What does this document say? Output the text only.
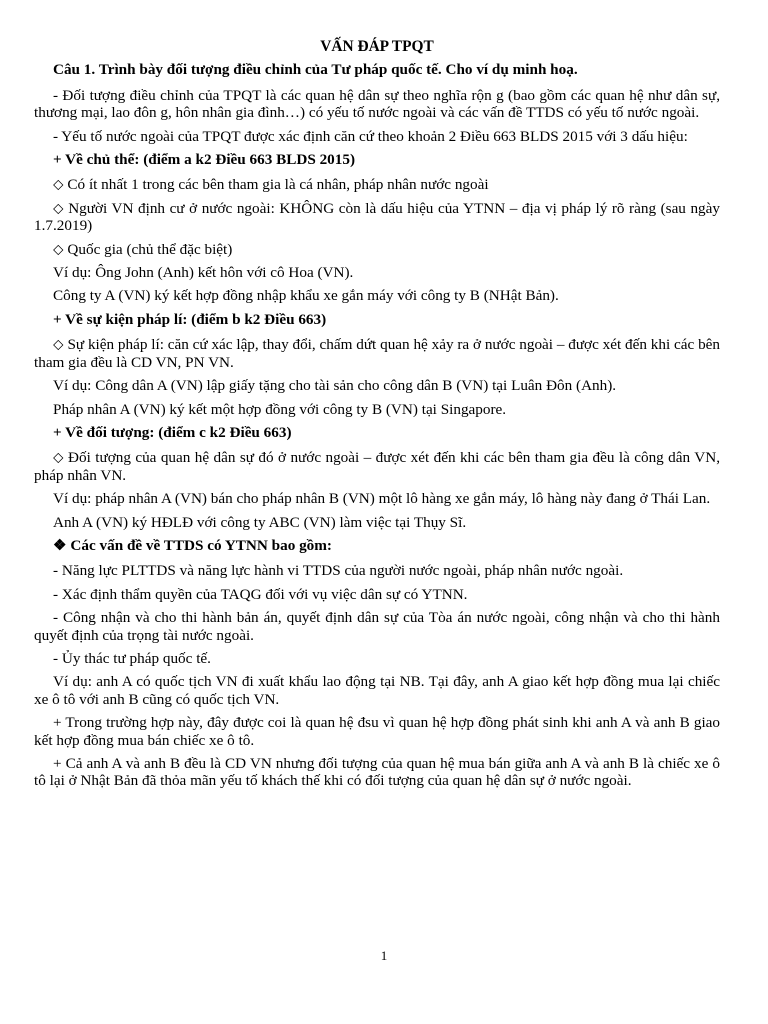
VẤN ĐÁP TPQT

Câu 1. Trình bày đối tượng điều chỉnh của Tư pháp quốc tế. Cho ví dụ minh hoạ.

- Đối tượng điều chỉnh của TPQT là các quan hệ dân sự theo nghĩa rộn g (bao gồm các quan hệ như dân sự, thương mại, lao đôn g, hôn nhân gia đình…) có yếu tố nước ngoài và các vấn đề TTDS có yếu tố nước ngoài.

- Yếu tố nước ngoài của TPQT được xác định căn cứ theo khoản 2 Điều 663 BLDS 2015 với 3 dấu hiệu:

+ Về chủ thể: (điểm a k2 Điều 663 BLDS 2015)

⬦ Có ít nhất 1 trong các bên tham gia là cá nhân, pháp nhân nước ngoài

⬦ Người VN định cư ở nước ngoài: KHÔNG còn là dấu hiệu của YTNN – địa vị pháp lý rõ ràng (sau ngày 1.7.2019)

⬦ Quốc gia (chủ thể đặc biệt)

Ví dụ: Ông John (Anh) kết hôn với cô Hoa (VN).

Công ty A (VN) ký kết hợp đồng nhập khẩu xe gắn máy với công ty B (NHật Bản).

+ Về sự kiện pháp lí: (điểm b k2 Điều 663)

⬦ Sự kiện pháp lí: căn cứ xác lập, thay đổi, chấm dứt quan hệ xảy ra ở nước ngoài – được xét đến khi các bên tham gia đều là CD VN, PN VN.

Ví dụ: Công dân A (VN) lập giấy tặng cho tài sản cho công dân B (VN) tại Luân Đôn (Anh).

Pháp nhân A (VN) ký kết một hợp đồng với công ty B (VN) tại Singapore.

+ Về đối tượng: (điểm c k2 Điều 663)

⬦ Đối tượng của quan hệ dân sự đó ở nước ngoài – được xét đến khi các bên tham gia đều là công dân VN, pháp nhân VN.

Ví dụ: pháp nhân A (VN) bán cho pháp nhân B (VN) một lô hàng xe gắn máy, lô hàng này đang ở Thái Lan.

Anh A (VN) ký HĐLĐ với công ty ABC (VN) làm việc tại Thụy Sĩ.

❖ Các vấn đề về TTDS có YTNN bao gồm:

- Năng lực PLTTDS và năng lực hành vi TTDS của người nước ngoài, pháp nhân nước ngoài.

- Xác định thẩm quyền của TAQG đối với vụ việc dân sự có YTNN.

- Công nhận và cho thi hành bản án, quyết định dân sự của Tòa án nước ngoài, công nhận và cho thi hành quyết định của trọng tài nước ngoài.

- Ủy thác tư pháp quốc tế.

Ví dụ: anh A có quốc tịch VN đi xuất khẩu lao động tại NB. Tại đây, anh A giao kết hợp đồng mua lại chiếc xe ô tô với anh B cũng có quốc tịch VN.

+ Trong trường hợp này, đây được coi là quan hệ đsu vì quan hệ hợp đồng phát sinh khi anh A và anh B giao kết hợp đồng mua bán chiếc xe ô tô.

+ Cả anh A và anh B đều là CD VN nhưng đối tượng của quan hệ mua bán giữa anh A và anh B là chiếc xe ô tô lại ở Nhật Bản đã thỏa mãn yếu tố khách thế khi có đối tượng của quan hệ dân sự ở nước ngoài.

1
